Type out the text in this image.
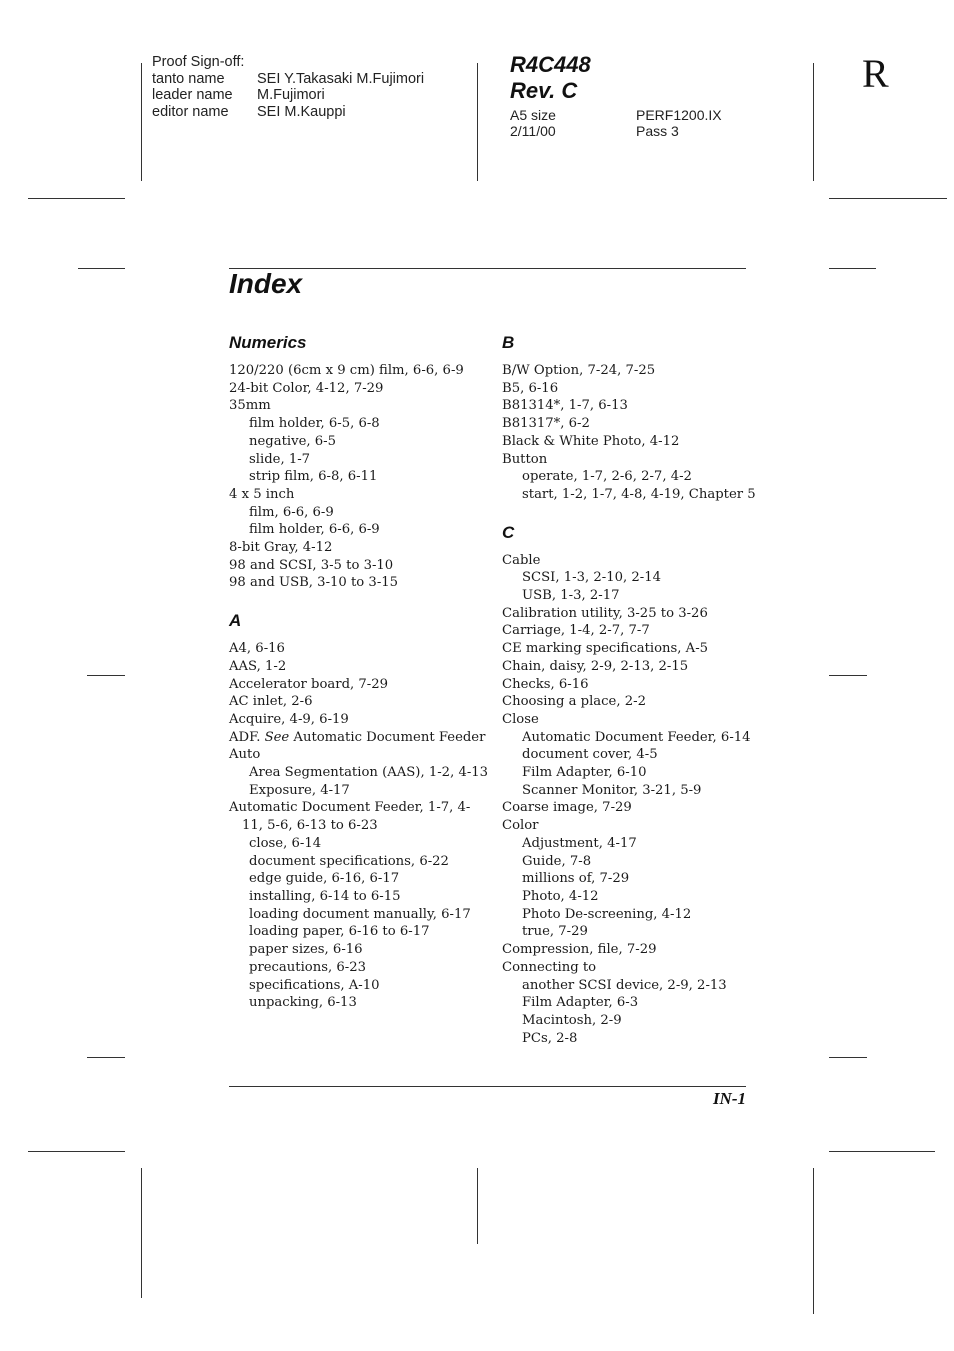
Proof Sign-off:
tanto name SEI Y.Takasaki M.Fujimori
leader name M.Fujimori
editor name SEI M.Kauppi
R4C448
Rev. C
A5 size	PERF1200.IX
2/11/00	Pass 3
R
Index
Numerics
120/220 (6cm x 9 cm) film, 6-6, 6-9
24-bit Color, 4-12, 7-29
35mm
film holder, 6-5, 6-8
negative, 6-5
slide, 1-7
strip film, 6-8, 6-11
4 x 5 inch
film, 6-6, 6-9
film holder, 6-6, 6-9
8-bit Gray, 4-12
98 and SCSI, 3-5 to 3-10
98 and USB, 3-10 to 3-15
A
A4, 6-16
AAS, 1-2
Accelerator board, 7-29
AC inlet, 2-6
Acquire, 4-9, 6-19
ADF. See Automatic Document Feeder
Auto
Area Segmentation (AAS), 1-2, 4-13
Exposure, 4-17
Automatic Document Feeder, 1-7, 4-
11, 5-6, 6-13 to 6-23
close, 6-14
document specifications, 6-22
edge guide, 6-16, 6-17
installing, 6-14 to 6-15
loading document manually, 6-17
loading paper, 6-16 to 6-17
paper sizes, 6-16
precautions, 6-23
specifications, A-10
unpacking, 6-13
B
B/W Option, 7-24, 7-25
B5, 6-16
B81314*, 1-7, 6-13
B81317*, 6-2
Black & White Photo, 4-12
Button
operate, 1-7, 2-6, 2-7, 4-2
start, 1-2, 1-7, 4-8, 4-19, Chapter 5
C
Cable
SCSI, 1-3, 2-10, 2-14
USB, 1-3, 2-17
Calibration utility, 3-25 to 3-26
Carriage, 1-4, 2-7, 7-7
CE marking specifications, A-5
Chain, daisy, 2-9, 2-13, 2-15
Checks, 6-16
Choosing a place, 2-2
Close
Automatic Document Feeder, 6-14
document cover, 4-5
Film Adapter, 6-10
Scanner Monitor, 3-21, 5-9
Coarse image, 7-29
Color
Adjustment, 4-17
Guide, 7-8
millions of, 7-29
Photo, 4-12
Photo De-screening, 4-12
true, 7-29
Compression, file, 7-29
Connecting to
another SCSI device, 2-9, 2-13
Film Adapter, 6-3
Macintosh, 2-9
PCs, 2-8
IN-1
